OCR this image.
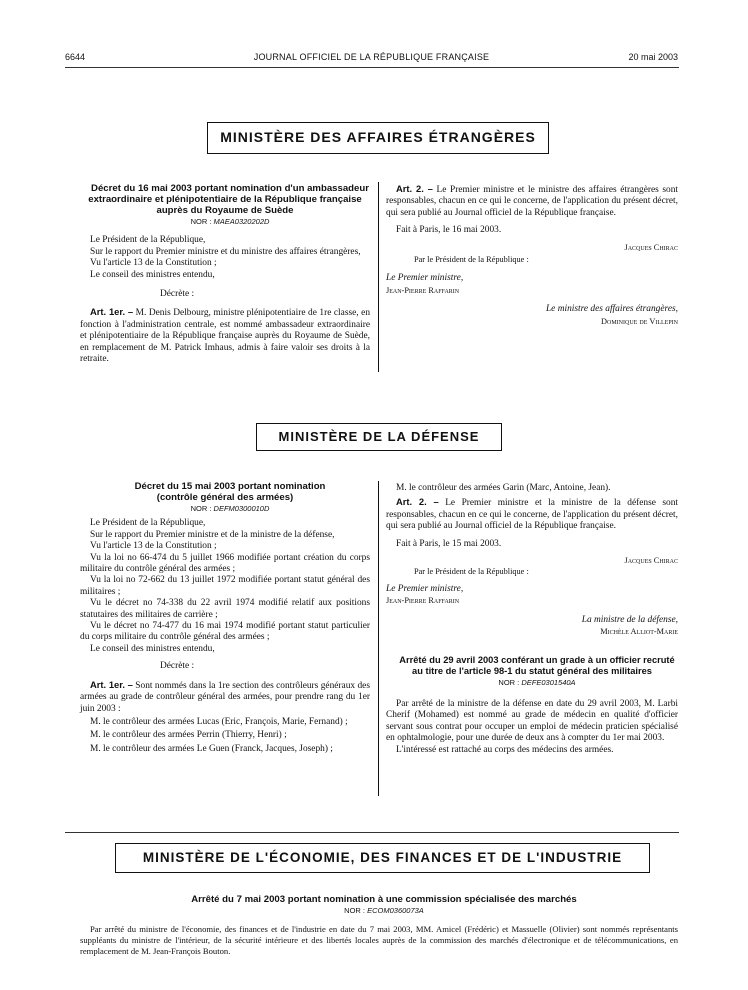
6644	JOURNAL OFFICIEL DE LA RÉPUBLIQUE FRANÇAISE	20 mai 2003
MINISTÈRE DES AFFAIRES ÉTRANGÈRES

Décret du 16 mai 2003 portant nomination d'un ambassadeur extraordinaire et plénipotentiaire de la République française auprès du Royaume de Suède

NOR : MAEA0320202D

Le Président de la République,

Sur le rapport du Premier ministre et du ministre des affaires étrangères,

Vu l'article 13 de la Constitution ;

Le conseil des ministres entendu,

Décrète :

Art. 1er. – M. Denis Delbourg, ministre plénipotentiaire de 1re classe, en fonction à l'administration centrale, est nommé ambassadeur extraordinaire et plénipotentiaire de la République française auprès du Royaume de Suède, en remplacement de M. Patrick Imhaus, admis à faire valoir ses droits à la retraite.

Art. 2. – Le Premier ministre et le ministre des affaires étrangères sont responsables, chacun en ce qui le concerne, de l'application du présent décret, qui sera publié au Journal officiel de la République française.

Fait à Paris, le 16 mai 2003.

Jacques Chirac

Par le Président de la République :

Le Premier ministre,

Jean-Pierre Raffarin

Le ministre des affaires étrangères,

Dominique de Villepin

MINISTÈRE DE LA DÉFENSE

Décret du 15 mai 2003 portant nomination (contrôle général des armées)

NOR : DEFM0300010D

Le Président de la République,

Sur le rapport du Premier ministre et de la ministre de la défense,

Vu l'article 13 de la Constitution ;

Vu la loi no 66-474 du 5 juillet 1966 modifiée portant création du corps militaire du contrôle général des armées ;

Vu la loi no 72-662 du 13 juillet 1972 modifiée portant statut général des militaires ;

Vu le décret no 74-338 du 22 avril 1974 modifié relatif aux positions statutaires des militaires de carrière ;

Vu le décret no 74-477 du 16 mai 1974 modifié portant statut particulier du corps militaire du contrôle général des armées ;

Le conseil des ministres entendu,

Décrète :

Art. 1er. – Sont nommés dans la 1re section des contrôleurs généraux des armées au grade de contrôleur général des armées, pour prendre rang du 1er juin 2003 :

M. le contrôleur des armées Lucas (Eric, François, Marie, Fernand) ;

M. le contrôleur des armées Perrin (Thierry, Henri) ;

M. le contrôleur des armées Le Guen (Franck, Jacques, Joseph) ;

M. le contrôleur des armées Garin (Marc, Antoine, Jean).

Art. 2. – Le Premier ministre et la ministre de la défense sont responsables, chacun en ce qui le concerne, de l'application du présent décret, qui sera publié au Journal officiel de la République française.

Fait à Paris, le 15 mai 2003.

Jacques Chirac

Par le Président de la République :

Le Premier ministre,

Jean-Pierre Raffarin

La ministre de la défense,

Michèle Alliot-Marie

Arrêté du 29 avril 2003 conférant un grade à un officier recruté au titre de l'article 98-1 du statut général des militaires

NOR : DEFE0301540A

Par arrêté de la ministre de la défense en date du 29 avril 2003, M. Larbi Cherif (Mohamed) est nommé au grade de médecin en qualité d'officier servant sous contrat pour occuper un emploi de médecin praticien spécialisé en ophtalmologie, pour une durée de deux ans à compter du 1er mai 2003.

L'intéressé est rattaché au corps des médecins des armées.

MINISTÈRE DE L'ÉCONOMIE, DES FINANCES ET DE L'INDUSTRIE

Arrêté du 7 mai 2003 portant nomination à une commission spécialisée des marchés

NOR : ECOM0360073A

Par arrêté du ministre de l'économie, des finances et de l'industrie en date du 7 mai 2003, MM. Amicel (Frédéric) et Massuelle (Olivier) sont nommés représentants suppléants du ministre de l'intérieur, de la sécurité intérieure et des libertés locales auprès de la commission des marchés d'électronique et de télécommunications, en remplacement de M. Jean-François Bouton.
